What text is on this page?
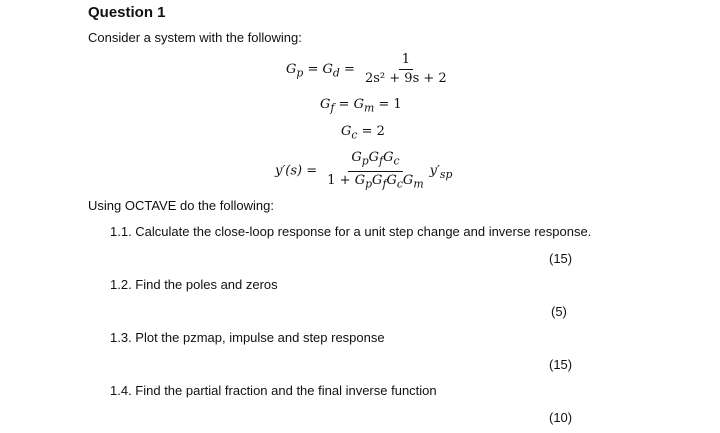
Question 1
Consider a system with the following:
$G_p = G_d = \frac{1}{\text{2s² + 9s + 2}}$
$G_f = G_m = 1$
$G_c = 2$
$y'(s) = \frac{G_pG_fG_c}{1 + G_pG_fG_cG_m} y'_{sp}$
Using OCTAVE do the following:
1.1. Calculate the close-loop response for a unit step change and inverse response.
(15)
1.2. Find the poles and zeros
(5)
1.3. Plot the pzmap, impulse and step response
(15)
1.4. Find the partial fraction and the final inverse function
(10)
